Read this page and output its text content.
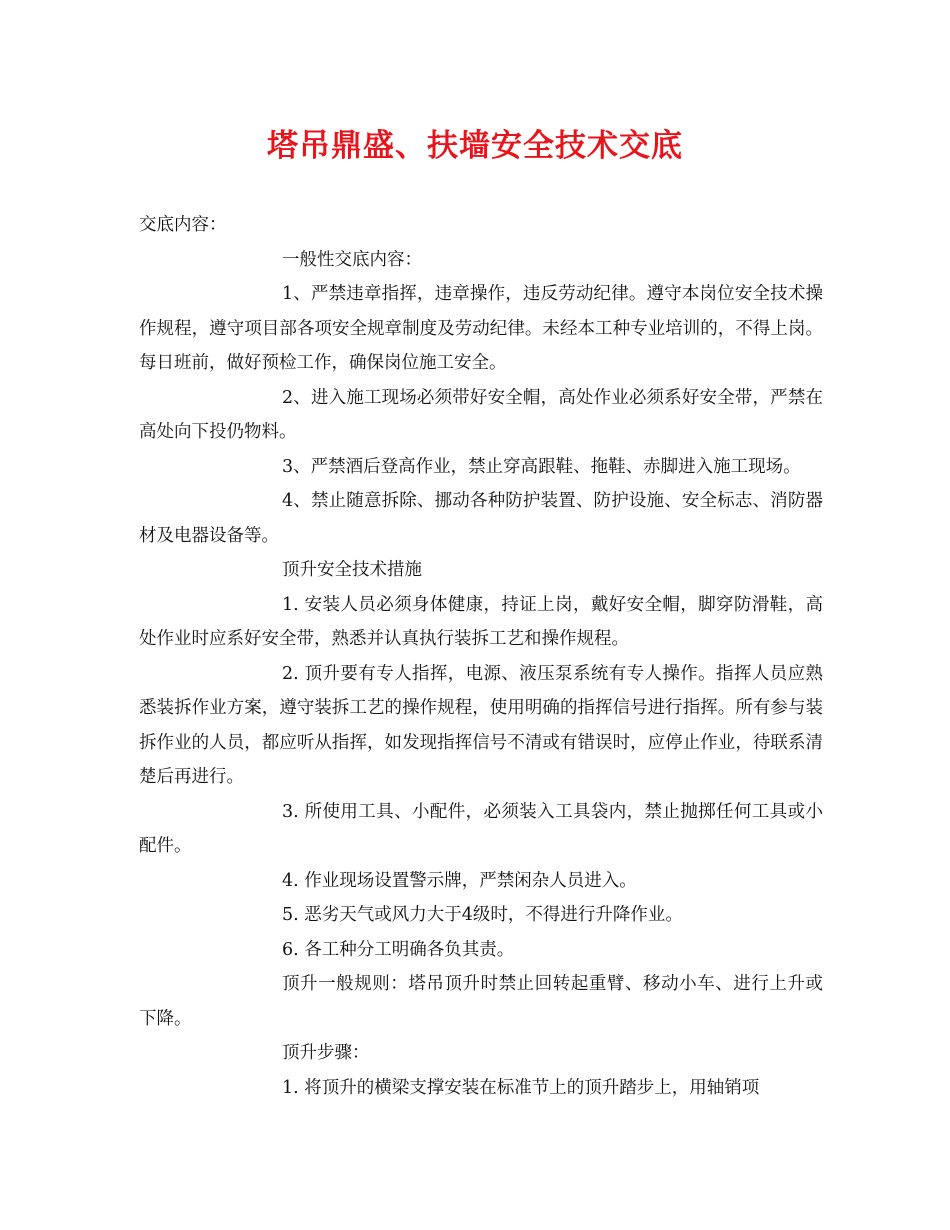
塔吊鼎盛、扶墙安全技术交底

交底内容：

一般性交底内容：

1、严禁违章指挥，违章操作，违反劳动纪律。遵守本岗位安全技术操作规程，遵守项目部各项安全规章制度及劳动纪律。未经本工种专业培训的，不得上岗。每日班前，做好预检工作，确保岗位施工安全。

2、进入施工现场必须带好安全帽，高处作业必须系好安全带，严禁在高处向下投仍物料。

3、严禁酒后登高作业，禁止穿高跟鞋、拖鞋、赤脚进入施工现场。

4、禁止随意拆除、挪动各种防护装置、防护设施、安全标志、消防器材及电器设备等。

顶升安全技术措施

1. 安装人员必须身体健康，持证上岗，戴好安全帽，脚穿防滑鞋，高处作业时应系好安全带，熟悉并认真执行装拆工艺和操作规程。

2. 顶升要有专人指挥，电源、液压泵系统有专人操作。指挥人员应熟悉装拆作业方案，遵守装拆工艺的操作规程，使用明确的指挥信号进行指挥。所有参与装拆作业的人员，都应听从指挥，如发现指挥信号不清或有错误时，应停止作业，待联系清楚后再进行。

3. 所使用工具、小配件，必须装入工具袋内，禁止抛掷任何工具或小配件。

4. 作业现场设置警示牌，严禁闲杂人员进入。

5. 恶劣天气或风力大于4级时，不得进行升降作业。

6. 各工种分工明确各负其责。

顶升一般规则：塔吊顶升时禁止回转起重臂、移动小车、进行上升或下降。

顶升步骤：

1. 将顶升的横梁支撑安装在标准节上的顶升踏步上，用轴销项
